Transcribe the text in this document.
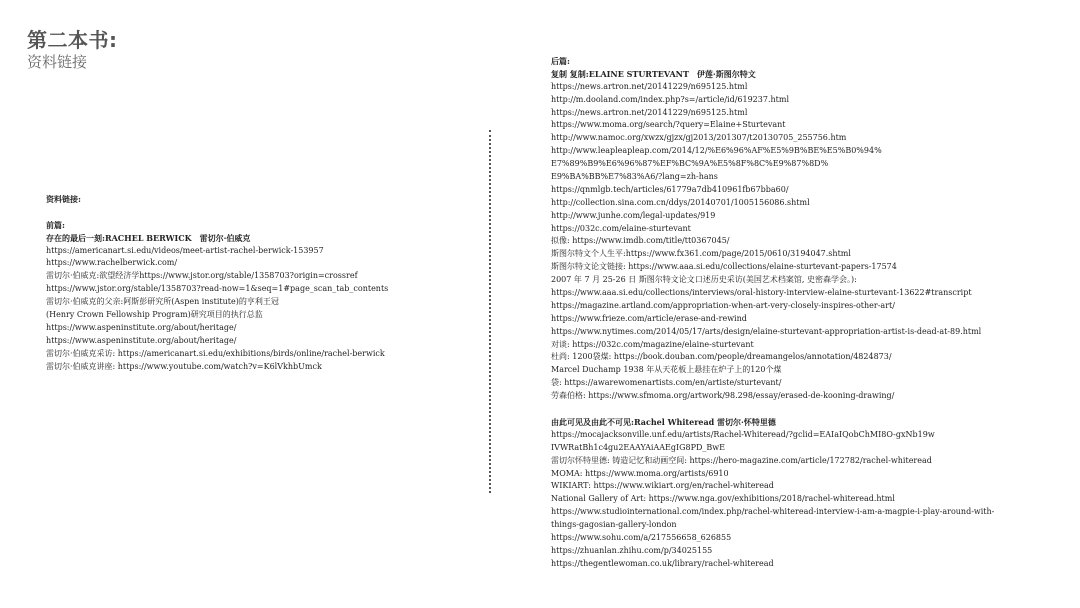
第二本书:
资料链接
资料链接:
前篇:
存在的最后一刻:RACHEL BERWICK　雷切尔·伯威克
https://americanart.si.edu/videos/meet-artist-rachel-berwick-153957
https://www.rachelberwick.com/
雷切尔·伯威克:欲望经济学https://www.jstor.org/stable/1358703?origin=crossref
https://www.jstor.org/stable/1358703?read-now=1&seq=1#page_scan_tab_contents
雷切尔·伯威克的父亲:阿斯彭研究所(Aspen institute)的亨利王冠
(Henry Crown Fellowship Program)研究项目的执行总监
https://www.aspeninstitute.org/about/heritage/
https://www.aspeninstitute.org/about/heritage/
雷切尔·伯威克采访: https://americanart.si.edu/exhibitions/birds/online/rachel-berwick
雷切尔·伯威克讲座: https://www.youtube.com/watch?v=K6lVkhbUmck
后篇:
复制 复制:ELAINE STURTEVANT　伊莲·斯图尔特文
https://news.artron.net/20141229/n695125.html
http://m.dooland.com/index.php?s=/article/id/619237.html
https://news.artron.net/20141229/n695125.html
https://www.moma.org/search/?query=Elaine+Sturtevant
http://www.namoc.org/xwzx/gjzx/gj2013/201307/t20130705_255756.htm
http://www.leapleapleap.com/2014/12/%E6%96%AF%E5%9B%BE%E5%B0%94%
E7%89%B9%E6%96%87%EF%BC%9A%E5%8F%8C%E9%87%8D%
E9%BA%BB%E7%83%A6/?lang=zh-hans
https://qnmlgb.tech/articles/61779a7db410961fb67bba60/
http://collection.sina.com.cn/ddys/20140701/1005156086.shtml
http://www.junhe.com/legal-updates/919
https://032c.com/elaine-sturtevant
拟像: https://www.imdb.com/title/tt0367045/
斯图尔特文个人生平:https://www.fx361.com/page/2015/0610/3194047.shtml
斯图尔特文论文链接: https://www.aaa.si.edu/collections/elaine-sturtevant-papers-17574
2007 年 7 月 25-26 日 斯图尔特文论文口述历史采访(美国艺术档案馆, 史密森学会。):
https://www.aaa.si.edu/collections/interviews/oral-history-interview-elaine-sturtevant-13622#transcript
https://magazine.artland.com/appropriation-when-art-very-closely-inspires-other-art/
https://www.frieze.com/article/erase-and-rewind
https://www.nytimes.com/2014/05/17/arts/design/elaine-sturtevant-appropriation-artist-is-dead-at-89.html
对谈: https://032c.com/magazine/elaine-sturtevant
杜尚: 1200袋煤: https://book.douban.com/people/dreamangelos/annotation/4824873/
Marcel Duchamp 1938 年从天花板上悬挂在炉子上的120个煤
袋: https://awarewomenartists.com/en/artiste/sturtevant/
劳森伯格: https://www.sfmoma.org/artwork/98.298/essay/erased-de-kooning-drawing/
由此可见及由此不可见:Rachel Whiteread 雷切尔·怀特里德
https://mocajacksonville.unf.edu/artists/Rachel-Whiteread/?gclid=EAIaIQobChMI8O-gxNb19w
IVWRatBh1c4gu2EAAYAiAAEgIG8PD_BwE
雷切尔怀特里德: 铸造记忆和动画空间: https://hero-magazine.com/article/172782/rachel-whiteread
MOMA: https://www.moma.org/artists/6910
WIKIART: https://www.wikiart.org/en/rachel-whiteread
National Gallery of Art: https://www.nga.gov/exhibitions/2018/rachel-whiteread.html
https://www.studiointernational.com/index.php/rachel-whiteread-interview-i-am-a-magpie-i-play-around-with-
things-gagosian-gallery-london
https://www.sohu.com/a/217556658_626855
https://zhuanlan.zhihu.com/p/34025155
https://thegentlewoman.co.uk/library/rachel-whiteread
